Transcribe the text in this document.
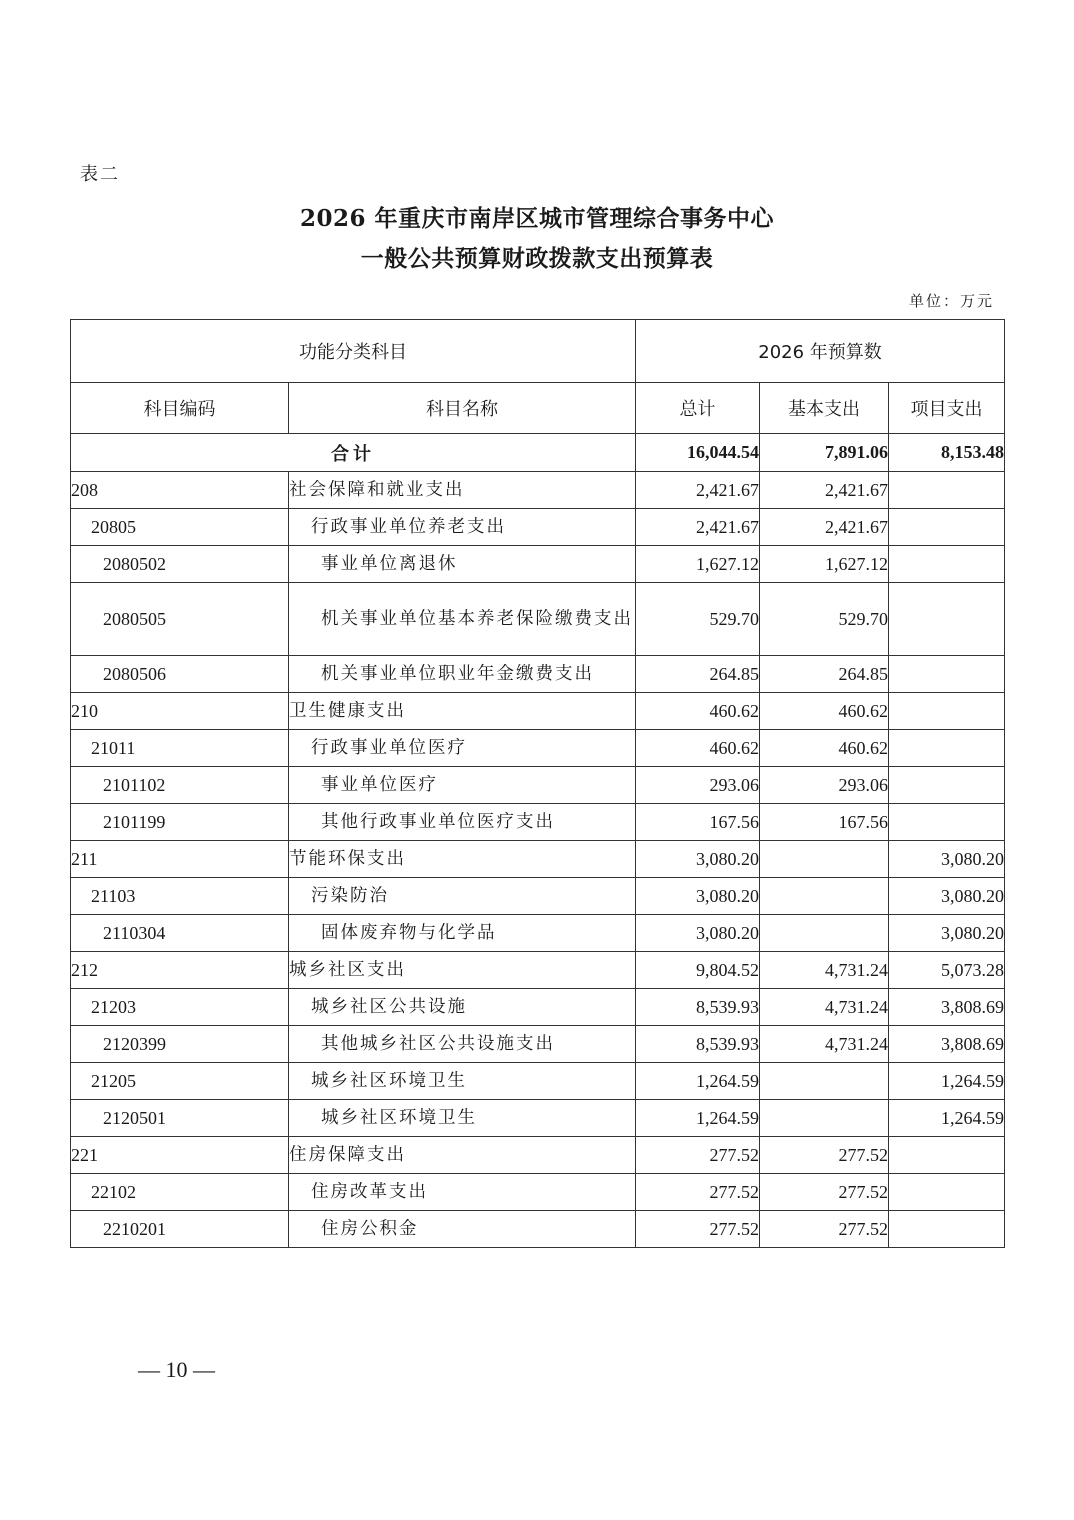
表二
2026 年重庆市南岸区城市管理综合事务中心
一般公共预算财政拨款支出预算表
单位：万元
功能分类科目		2026 年预算数		
科目编码	科目名称	总计	基本支出	项目支出
合计		16,044.54	7,891.06	8,153.48
208	社会保障和就业支出	2,421.67	2,421.67	
20805	行政事业单位养老支出	2,421.67	2,421.67	
2080502	事业单位离退休	1,627.12	1,627.12	
2080505	机关事业单位基本养老保险缴费支出	529.70	529.70	
2080506	机关事业单位职业年金缴费支出	264.85	264.85	
210	卫生健康支出	460.62	460.62	
21011	行政事业单位医疗	460.62	460.62	
2101102	事业单位医疗	293.06	293.06	
2101199	其他行政事业单位医疗支出	167.56	167.56	
211	节能环保支出	3,080.20		3,080.20
21103	污染防治	3,080.20		3,080.20
2110304	固体废弃物与化学品	3,080.20		3,080.20
212	城乡社区支出	9,804.52	4,731.24	5,073.28
21203	城乡社区公共设施	8,539.93	4,731.24	3,808.69
2120399	其他城乡社区公共设施支出	8,539.93	4,731.24	3,808.69
21205	城乡社区环境卫生	1,264.59		1,264.59
2120501	城乡社区环境卫生	1,264.59		1,264.59
221	住房保障支出	277.52	277.52	
22102	住房改革支出	277.52	277.52	
2210201	住房公积金	277.52	277.52	
— 10 —
